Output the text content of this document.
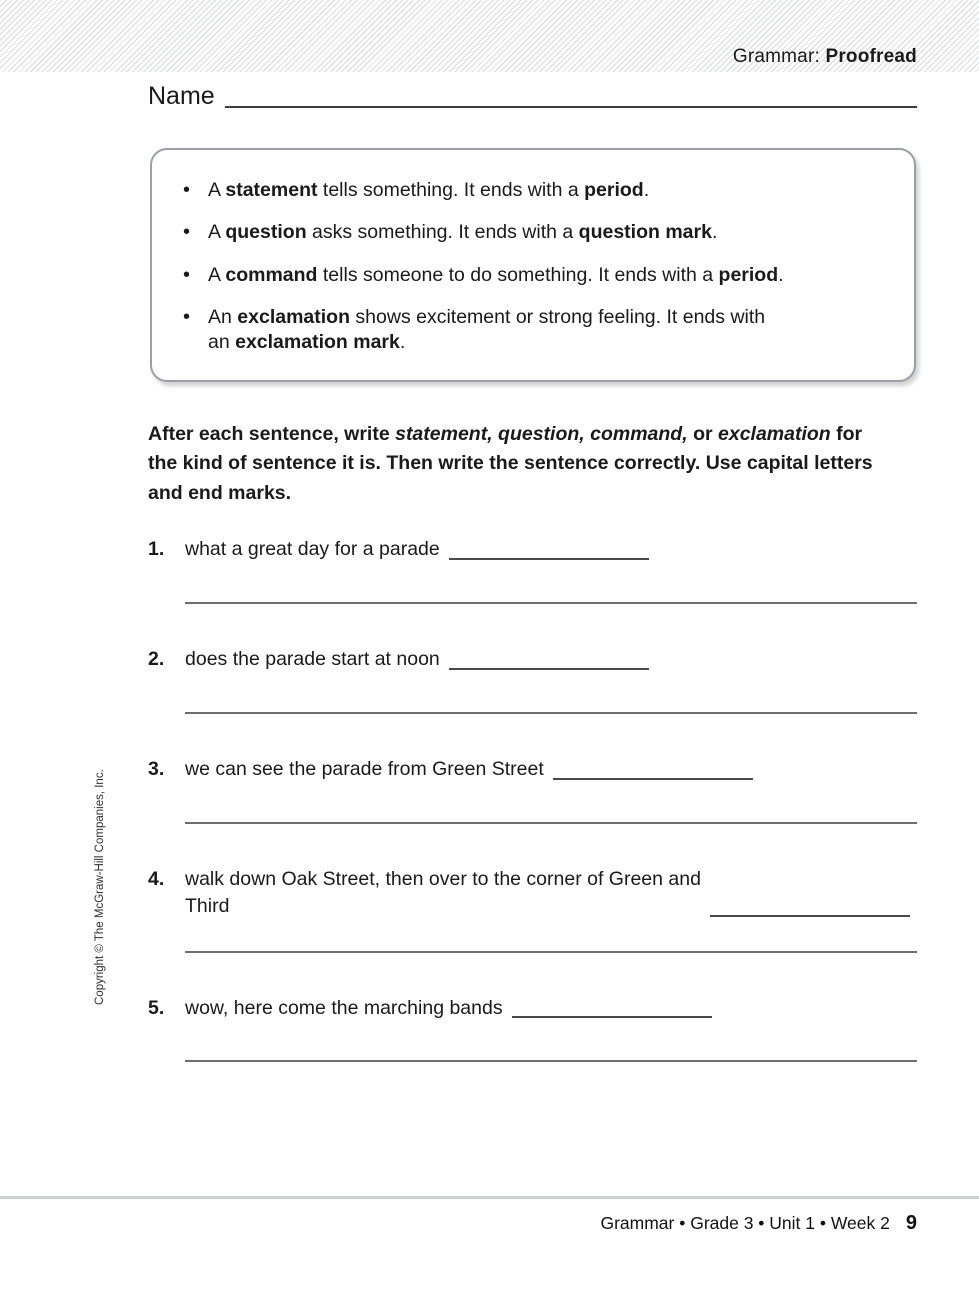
Grammar: Proofread
Name
• A statement tells something. It ends with a period.
• A question asks something. It ends with a question mark.
• A command tells someone to do something. It ends with a period.
• An exclamation shows excitement or strong feeling. It ends with
an exclamation mark.
After each sentence, write statement, question, command, or exclamation for the kind of sentence it is. Then write the sentence correctly. Use capital letters and end marks.
1.	what a great day for a parade
2.	does the parade start at noon
3.	we can see the parade from Green Street
4.	walk down Oak Street, then over to the corner of Green and
Third
5.	wow, here come the marching bands
Copyright © The McGraw-Hill Companies, Inc.
Grammar • Grade 3 • Unit 1 • Week 2 9
